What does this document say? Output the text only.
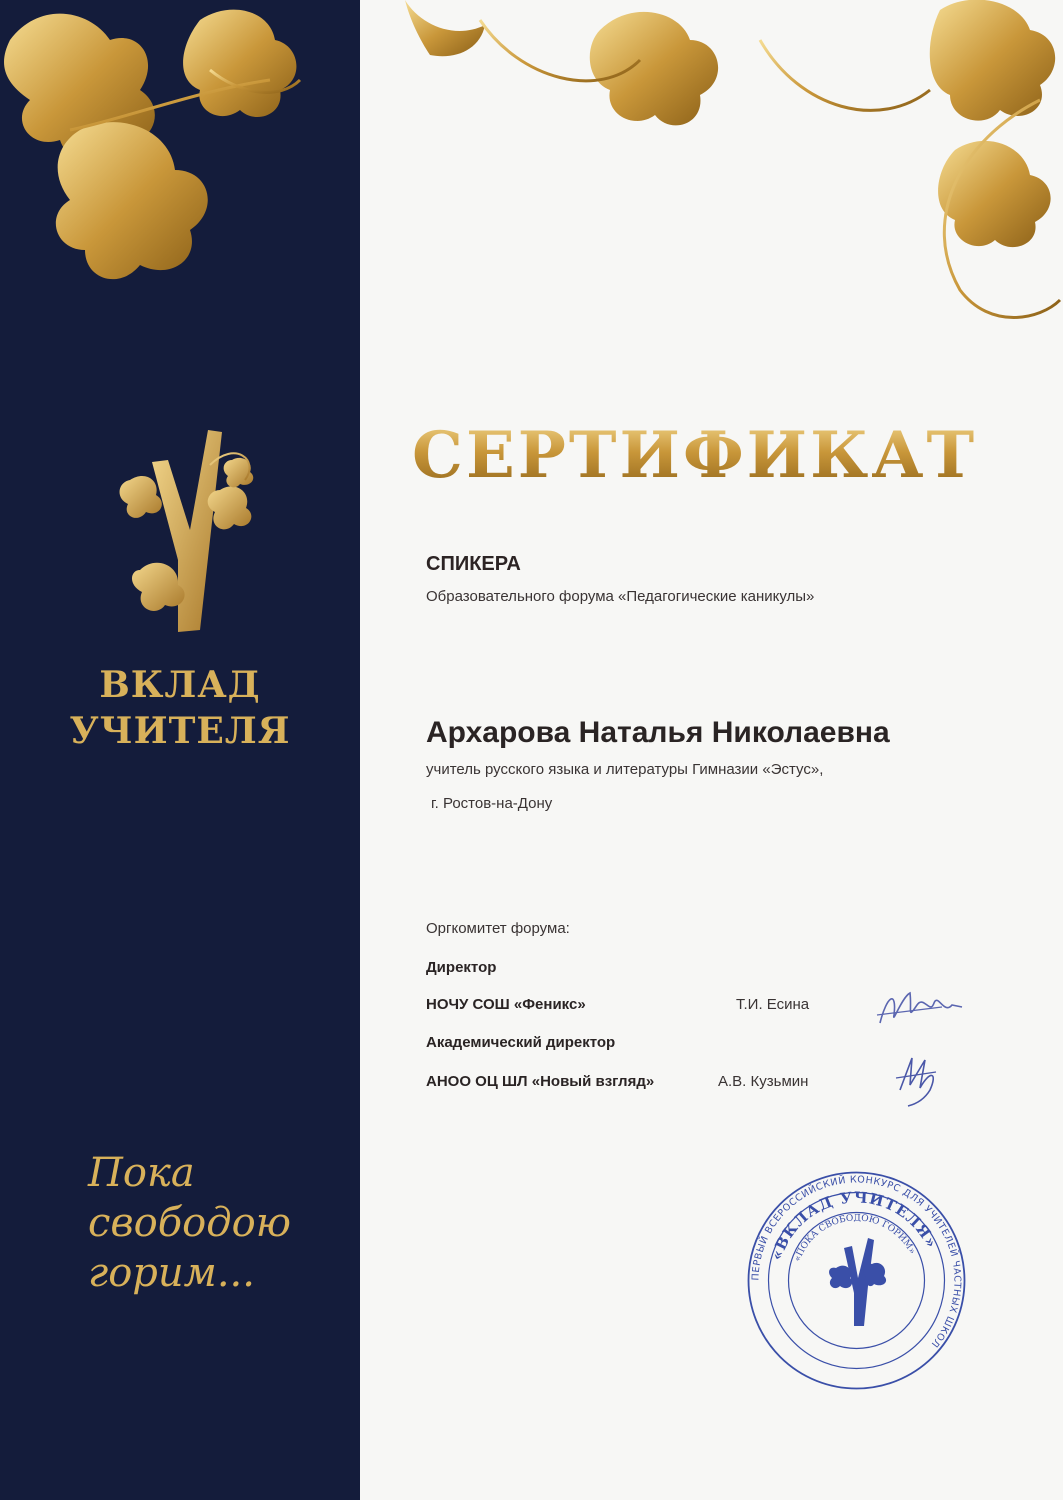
ВКЛАД
УЧИТЕЛЯ
Пока
свободою
горим...
СЕРТИФИКАТ
СПИКЕРА
Образовательного форума «Педагогические каникулы»
Архарова Наталья Николаевна
учитель русского языка и литературы Гимназии «Эстус»,
г. Ростов-на-Дону
Оргкомитет форума:
Директор
НОЧУ СОШ «Феникс»	Т.И. Есина
Академический директор
АНОО ОЦ ШЛ «Новый взгляд»	А.В. Кузьмин
ПЕРВЫЙ ВСЕРОССИЙСКИЙ КОНКУРС ДЛЯ УЧИТЕЛЕЙ ЧАСТНЫХ ШКОЛ
«ВКЛАД УЧИТЕЛЯ»
«ПОКА СВОБОДОЮ ГОРИМ»
